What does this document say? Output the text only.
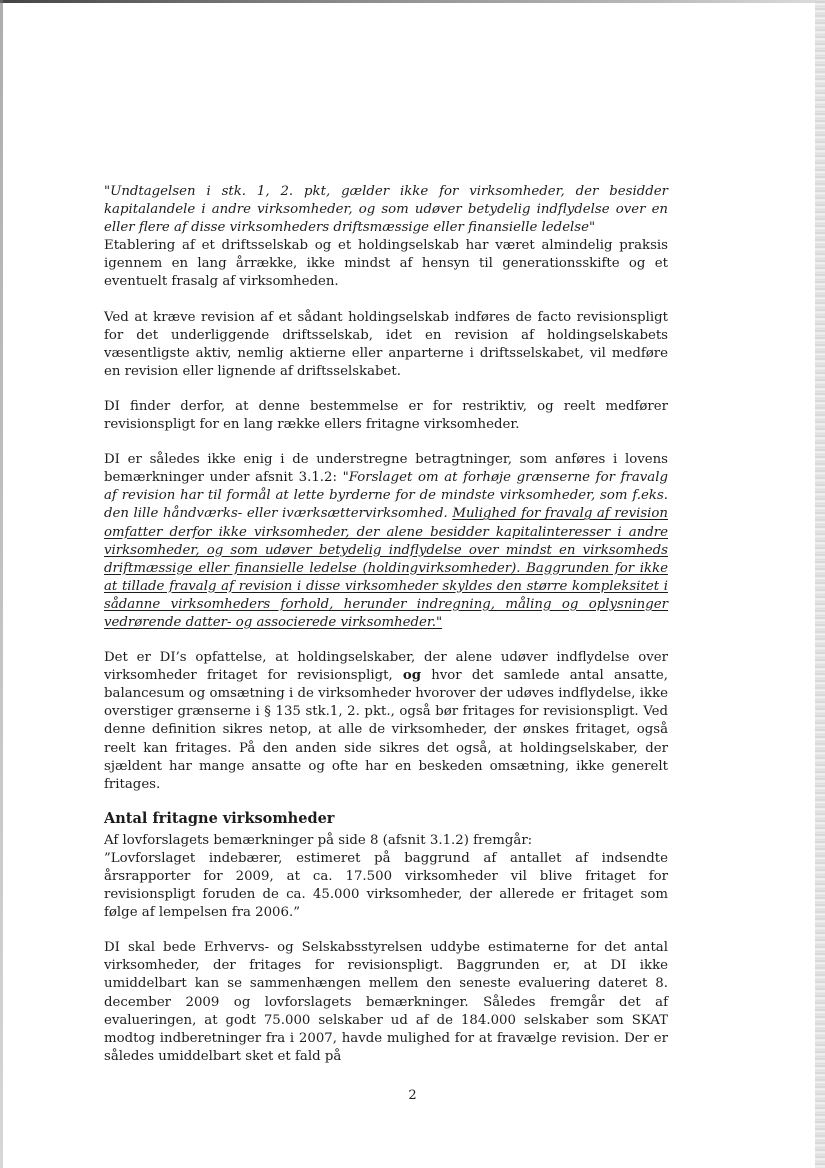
"Undtagelsen i stk. 1, 2. pkt, gælder ikke for virksomheder, der besidder kapitalandele i andre virksomheder, og som udøver betydelig indflydelse over en eller flere af disse virksomheders driftsmæssige eller finansielle ledelse"

Etablering af et driftsselskab og et holdingselskab har været almindelig praksis igennem en lang årrække, ikke mindst af hensyn til generationsskifte og et eventuelt frasalg af virksomheden.

Ved at kræve revision af et sådant holdingselskab indføres de facto revisionspligt for det underliggende driftsselskab, idet en revision af holdingselskabets væsentligste aktiv, nemlig aktierne eller anparterne i driftsselskabet, vil medføre en revision eller lignende af driftsselskabet.

DI finder derfor, at denne bestemmelse er for restriktiv, og reelt medfører revisionspligt for en lang række ellers fritagne virksomheder.

DI er således ikke enig i de understregne betragtninger, som anføres i lovens bemærkninger under afsnit 3.1.2: "Forslaget om at forhøje grænserne for fravalg af revision har til formål at lette byrderne for de mindste virksomheder, som f.eks. den lille håndværks- eller iværksættervirksomhed. Mulighed for fravalg af revision omfatter derfor ikke virksomheder, der alene besidder kapitalinteresser i andre virksomheder, og som udøver betydelig indflydelse over mindst en virksomheds driftmæssige eller finansielle ledelse (holdingvirksomheder). Baggrunden for ikke at tillade fravalg af revision i disse virksomheder skyldes den større kompleksitet i sådanne virksomheders forhold, herunder indregning, måling og oplysninger vedrørende datter- og associerede virksomheder."

Det er DI’s opfattelse, at holdingselskaber, der alene udøver indflydelse over virksomheder fritaget for revisionspligt, og hvor det samlede antal ansatte, balancesum og omsætning i de virksomheder hvorover der udøves indflydelse, ikke overstiger grænserne i § 135 stk.1, 2. pkt., også bør fritages for revisionspligt. Ved denne definition sikres netop, at alle de virksomheder, der ønskes fritaget, også reelt kan fritages. På den anden side sikres det også, at holdingselskaber, der sjældent har mange ansatte og ofte har en beskeden omsætning, ikke generelt fritages.

Antal fritagne virksomheder

Af lovforslagets bemærkninger på side 8 (afsnit 3.1.2) fremgår:

”Lovforslaget indebærer, estimeret på baggrund af antallet af indsendte årsrapporter for 2009, at ca. 17.500 virksomheder vil blive fritaget for revisionspligt foruden de ca. 45.000 virksomheder, der allerede er fritaget som følge af lempelsen fra 2006.”

DI skal bede Erhvervs- og Selskabsstyrelsen uddybe estimaterne for det antal virksomheder, der fritages for revisionspligt. Baggrunden er, at DI ikke umiddelbart kan se sammenhængen mellem den seneste evaluering dateret 8. december 2009 og lovforslagets bemærkninger. Således fremgår det af evalueringen, at godt 75.000 selskaber ud af de 184.000 selskaber som SKAT modtog indberetninger fra i 2007, havde mulighed for at fravælge revision. Der er således umiddelbart sket et fald på

2
